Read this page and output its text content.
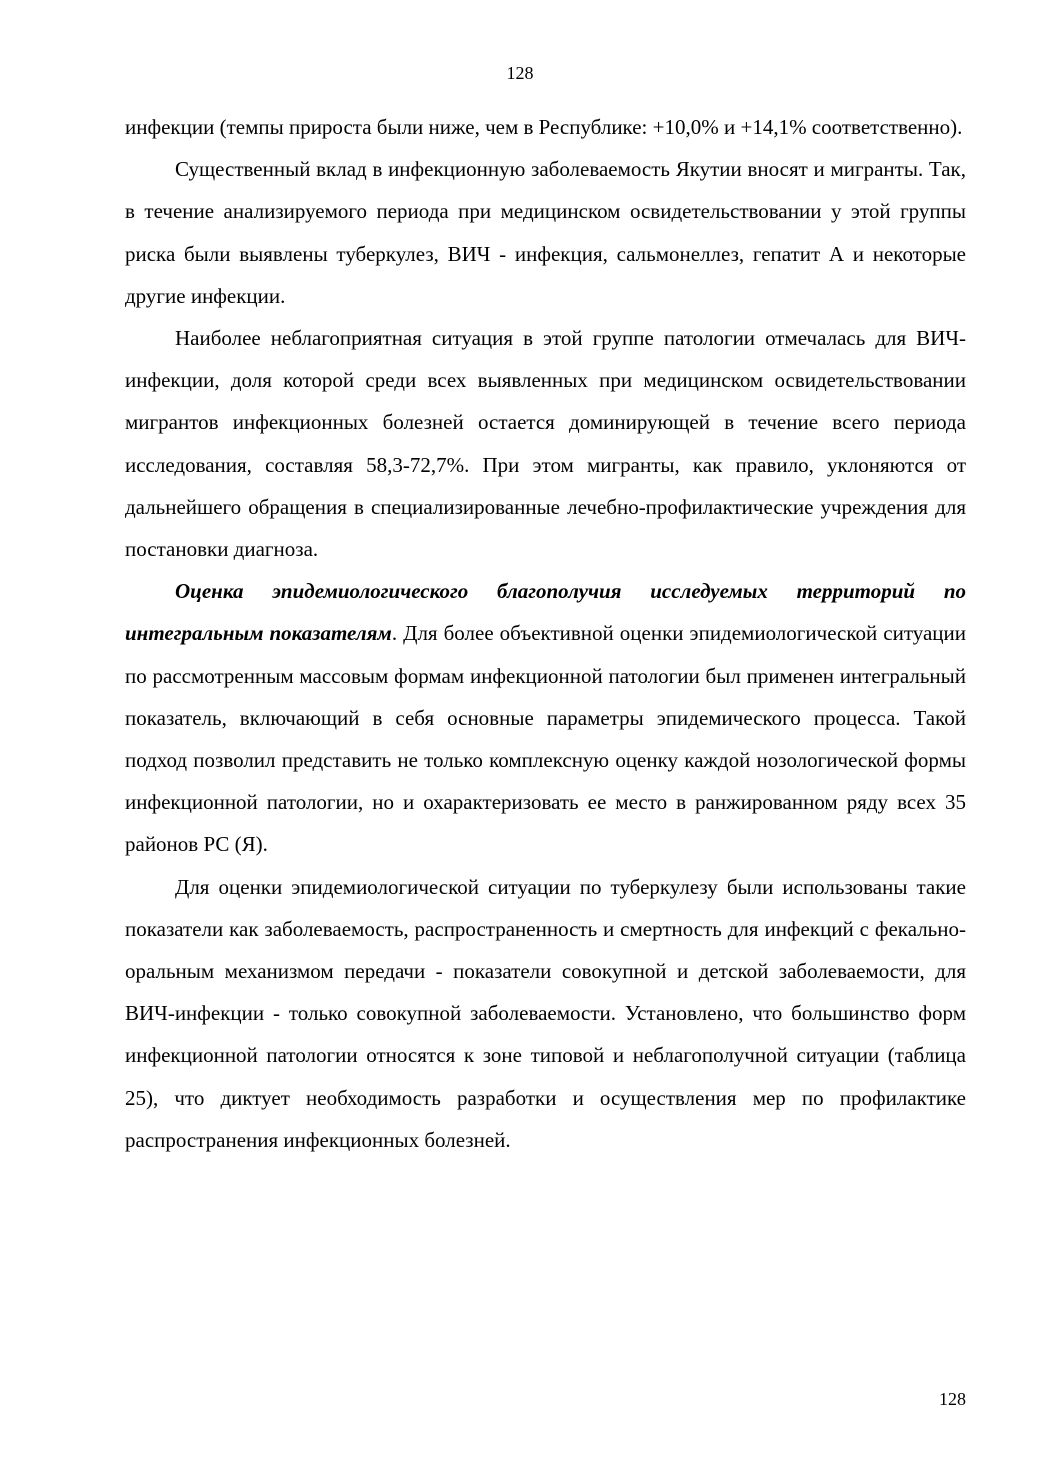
128

инфекции (темпы прироста были ниже, чем в Республике: +10,0% и +14,1% соответственно).

Существенный вклад в инфекционную заболеваемость Якутии вносят и мигранты. Так, в течение анализируемого периода при медицинском освидетельствовании у этой группы риска были выявлены туберкулез, ВИЧ - инфекция, сальмонеллез, гепатит А и некоторые другие инфекции.

Наиболее неблагоприятная ситуация в этой группе патологии отмечалась для ВИЧ-инфекции, доля которой среди всех выявленных при медицинском освидетельствовании мигрантов инфекционных болезней остается доминирующей в течение всего периода исследования, составляя 58,3-72,7%. При этом мигранты, как правило, уклоняются от дальнейшего обращения в специализированные лечебно-профилактические учреждения для постановки диагноза.

Оценка эпидемиологического благополучия исследуемых территорий по интегральным показателям. Для более объективной оценки эпидемиологической ситуации по рассмотренным массовым формам инфекционной патологии был применен интегральный показатель, включающий в себя основные параметры эпидемического процесса. Такой подход позволил представить не только комплексную оценку каждой нозологической формы инфекционной патологии, но и охарактеризовать ее место в ранжированном ряду всех 35 районов РС (Я).

Для оценки эпидемиологической ситуации по туберкулезу были использованы такие показатели как заболеваемость, распространенность и смертность для инфекций с фекально-оральным механизмом передачи - показатели совокупной и детской заболеваемости, для ВИЧ-инфекции - только совокупной заболеваемости. Установлено, что большинство форм инфекционной патологии относятся к зоне типовой и неблагополучной ситуации (таблица 25), что диктует необходимость разработки и осуществления мер по профилактике распространения инфекционных болезней.

128
